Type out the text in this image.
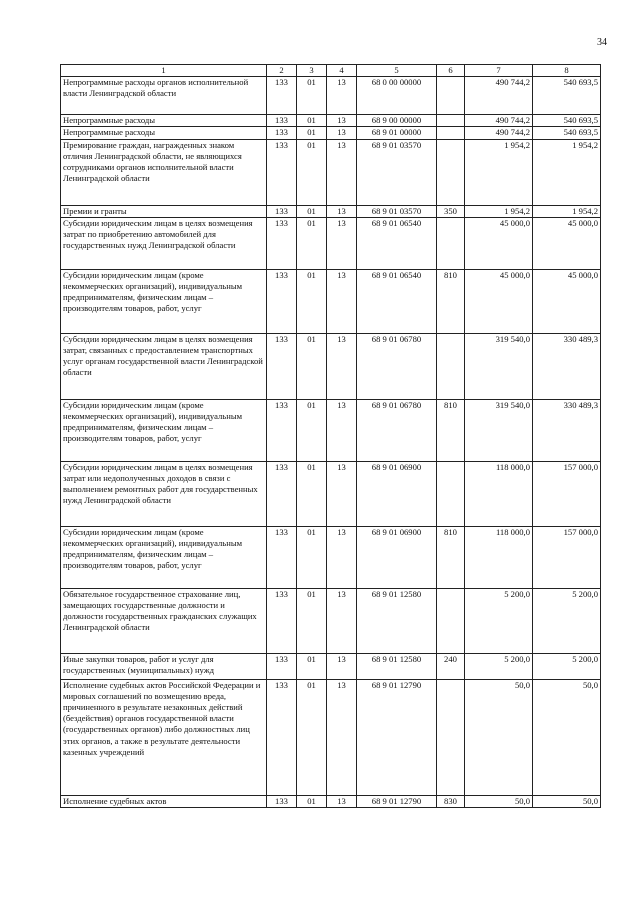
34
1	2	3	4	5	6	7	8
Непрограммные расходы органов исполнительной власти Ленинградской области	133	01	13	68 0 00 00000		490 744,2	540 693,5
Непрограммные расходы	133	01	13	68 9 00 00000		490 744,2	540 693,5
Непрограммные расходы	133	01	13	68 9 01 00000		490 744,2	540 693,5
Премирование граждан, награжденных знаком отличия Ленинградской области, не являющихся сотрудниками органов исполнительной власти Ленинградской области	133	01	13	68 9 01 03570		1 954,2	1 954,2
Премии и гранты	133	01	13	68 9 01 03570	350	1 954,2	1 954,2
Субсидии юридическим лицам в целях возмещения затрат по приобретению автомобилей для государственных нужд Ленинградской области	133	01	13	68 9 01 06540		45 000,0	45 000,0
Субсидии юридическим лицам (кроме некоммерческих организаций), индивидуальным предпринимателям, физическим лицам – производителям товаров, работ, услуг	133	01	13	68 9 01 06540	810	45 000,0	45 000,0
Субсидии юридическим лицам в целях возмещения затрат, связанных с предоставлением транспортных услуг органам государственной власти Ленинградской области	133	01	13	68 9 01 06780		319 540,0	330 489,3
Субсидии юридическим лицам (кроме некоммерческих организаций), индивидуальным предпринимателям, физическим лицам – производителям товаров, работ, услуг	133	01	13	68 9 01 06780	810	319 540,0	330 489,3
Субсидии юридическим лицам в целях возмещения затрат или недополученных доходов в связи с выполнением ремонтных работ для государственных нужд Ленинградской области	133	01	13	68 9 01 06900		118 000,0	157 000,0
Субсидии юридическим лицам (кроме некоммерческих организаций), индивидуальным предпринимателям, физическим лицам – производителям товаров, работ, услуг	133	01	13	68 9 01 06900	810	118 000,0	157 000,0
Обязательное государственное страхование лиц, замещающих государственные должности и должности государственных гражданских служащих Ленинградской области	133	01	13	68 9 01 12580		5 200,0	5 200,0
Иные закупки товаров, работ и услуг для государственных (муниципальных) нужд	133	01	13	68 9 01 12580	240	5 200,0	5 200,0
Исполнение судебных актов Российской Федерации и мировых соглашений по возмещению вреда, причиненного в результате незаконных действий (бездействия) органов государственной власти (государственных органов) либо должностных лиц этих органов, а также в результате деятельности казенных учреждений	133	01	13	68 9 01 12790		50,0	50,0
Исполнение судебных актов	133	01	13	68 9 01 12790	830	50,0	50,0
